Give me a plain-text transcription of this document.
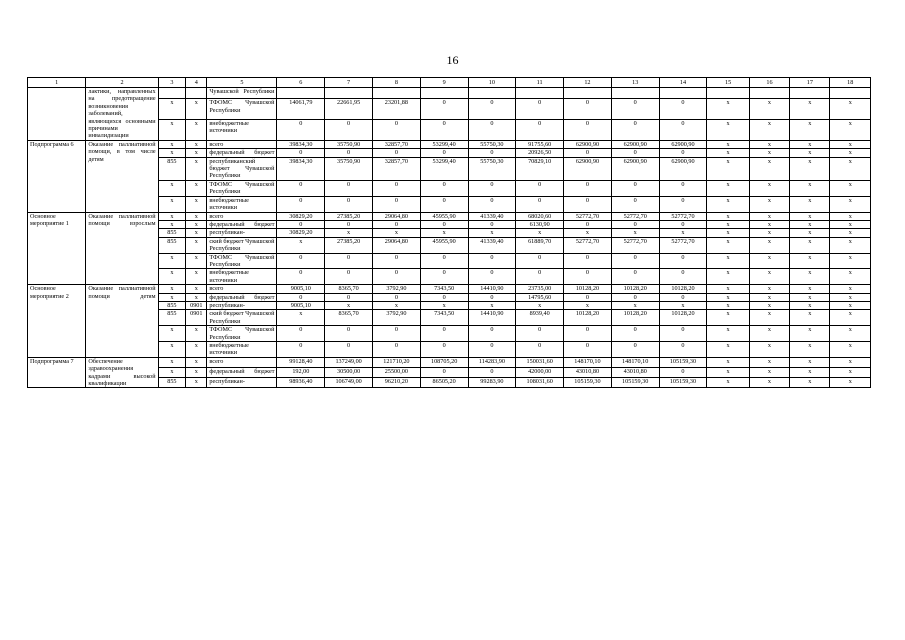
16
1	2	3	4	5	6	7	8	9	10	11	12	13	14	15	16	17	18
	лактики, направленных на предотвращение возникновения заболеваний, являющихся основными причинами инвалидизации			Чувашской Республики													
		х	х	ТФОМС Чувашской Республики	14061,79	22661,95	23201,88	0	0	0	0	0	0	х	х	х	х
		х	х	внебюджетные источники	0	0	0	0	0	0	0	0	0	х	х	х	х
Подпрограмма 6	Оказание паллиативной помощи, в том числе детям	х	х	всего	39834,30	35750,90	32857,70	53299,40	55750,30	91755,60	62900,90	62900,90	62900,90	х	х	х	х
		х	х	федеральный бюджет	0	0	0	0	0	20926,50	0	0	0	х	х	х	х
		855	х	республиканский бюджет Чувашской Республики	39834,30	35750,90	32857,70	53299,40	55750,30	70829,10	62900,90	62900,90	62900,90	х	х	х	х
		х	х	ТФОМС Чувашской Республики	0	0	0	0	0	0	0	0	0	х	х	х	х
		х	х	внебюджетные источники	0	0	0	0	0	0	0	0	0	х	х	х	х
Основное мероприятие 1	Оказание паллиативной помощи взрослым	х	х	всего	30829,20	27385,20	29064,80	45955,90	41339,40	68020,60	52772,70	52772,70	52772,70	х	х	х	х
		х	х	федеральный бюджет	0	0	0	0	0	6130,90	0	0	0	х	х	х	х
		855	х	республикан-	30829,20	х	х	х	х	х	х	х	х	х	х	х	х
		855	х	ский бюджет Чувашской Республики	х	27385,20	29064,80	45955,90	41339,40	61889,70	52772,70	52772,70	52772,70	х	х	х	х
		х	х	ТФОМС Чувашской Республики	0	0	0	0	0	0	0	0	0	х	х	х	х
		х	х	внебюджетные источники	0	0	0	0	0	0	0	0	0	х	х	х	х
Основное мероприятие 2	Оказание паллиативной помощи детям	х	х	всего	9005,10	8365,70	3792,90	7343,50	14410,90	23735,00	10128,20	10128,20	10128,20	х	х	х	х
		х	х	федеральный бюджет	0	0	0	0	0	14795,60	0	0	0	х	х	х	х
		855	0901	республикан-	9005,10	х	х	х	х	х	х	х	х	х	х	х	х
		855	0901	ский бюджет Чувашской Республики	х	8365,70	3792,90	7343,50	14410,90	8939,40	10128,20	10128,20	10128,20	х	х	х	х
		х	х	ТФОМС Чувашской Республики	0	0	0	0	0	0	0	0	0	х	х	х	х
		х	х	внебюджетные источники	0	0	0	0	0	0	0	0	0	х	х	х	х
Подпрограмма 7	Обеспечение здравоохранения кадрами высокой квалификации	х	х	всего	99128,40	137249,00	121710,20	108705,20	114283,90	150031,60	148170,10	148170,10	105159,30	х	х	х	х
		х	х	федеральный бюджет	192,00	30500,00	25500,00	0	0	42000,00	43010,80	43010,80	0	х	х	х	х
		855	х	республикан-	98936,40	106749,00	96210,20	86505,20	99283,90	108031,60	105159,30	105159,30	105159,30	х	х	х	х
